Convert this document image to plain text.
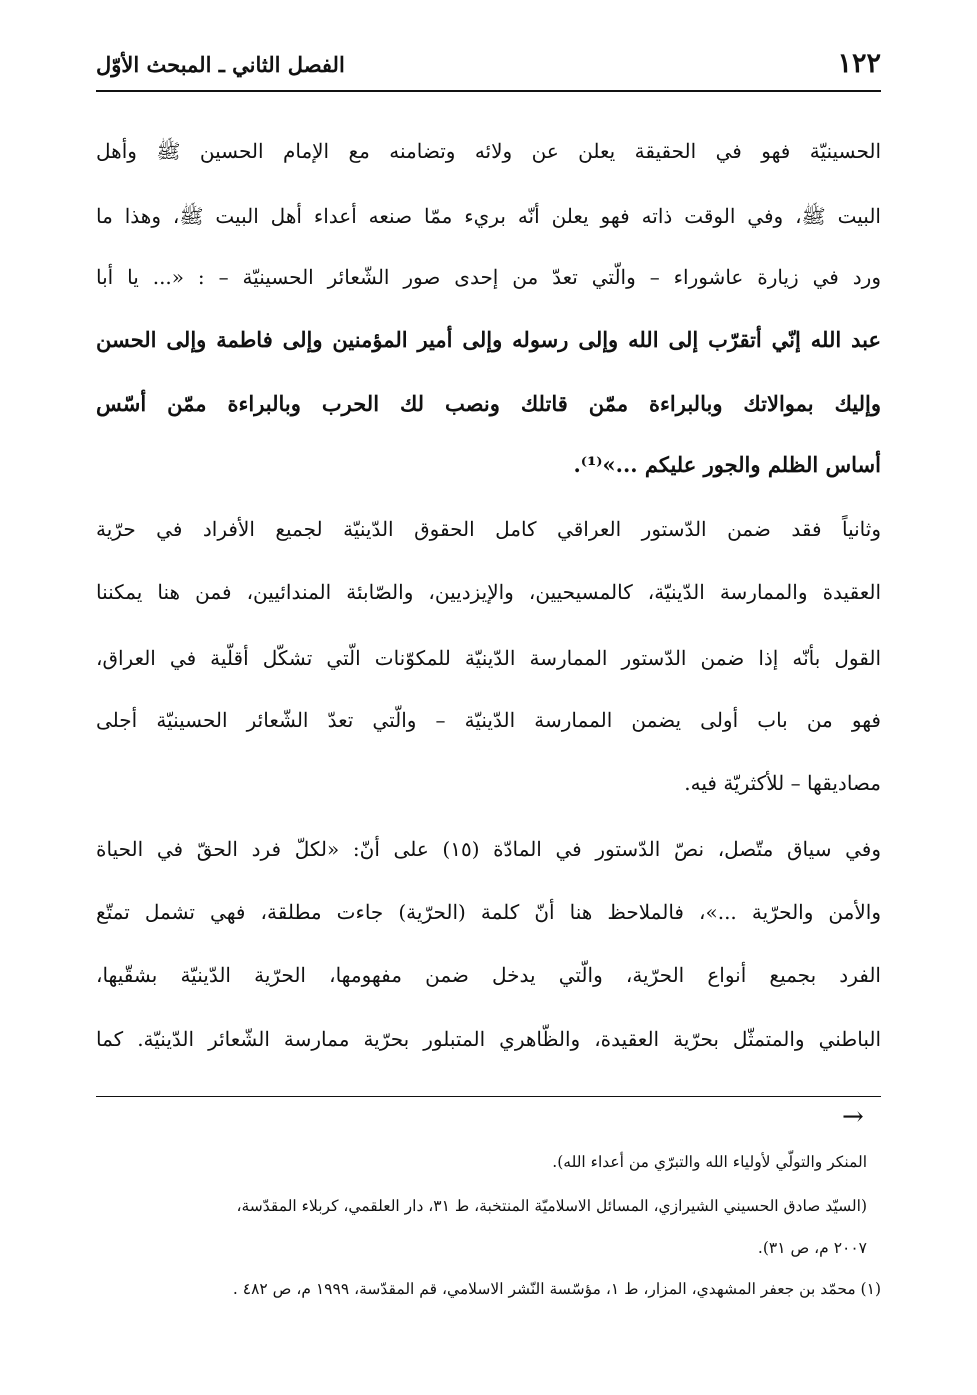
١٢٢
الفصل الثاني ـ المبحث الأوّل
الحسينيّة فهو في الحقيقة يعلن عن ولائه وتضامنه مع الإمام الحسين ﷺ وأهل
البيت ﷺ، وفي الوقت ذاته فهو يعلن أنّه بريء ممّا صنعه أعداء أهل البيت ﷺ، وهذا ما
ورد في زيارة عاشوراء – والّتي تعدّ من إحدى صور الشّعائر الحسينيّة – : «... يا أبا
عبد الله إنّي أتقرّب إلى الله وإلى رسوله وإلى أمير المؤمنين وإلى فاطمة وإلى الحسن
وإليك بموالاتك وبالبراءة ممّن قاتلك ونصب لك الحرب وبالبراءة ممّن أسّس
أساس الظلم والجور عليكم ...»⁽¹⁾.
وثانياً فقد ضمن الدّستور العراقي كامل الحقوق الدّينيّة لجميع الأفراد في حرّية
العقيدة والممارسة الدّينيّة، كالمسيحيين، والإيزديين، والصّابئة المندائيين، فمن هنا يمكننا
القول بأنّه إذا ضمن الدّستور الممارسة الدّينيّة للمكوّنات الّتي تشكّل أقلّية في العراق،
فهو من باب أولى يضمن الممارسة الدّينيّة – والّتي تعدّ الشّعائر الحسينيّة أجلى
مصاديقها – للأكثريّة فيه.
وفي سياق متّصل، نصّ الدّستور في المادّة (١٥) على أنّ: «لكلّ فرد الحقّ في الحياة
والأمن والحرّية ...»، فالملاحظ هنا أنّ كلمة (الحرّية) جاءت مطلقة، فهي تشمل تمتّع
الفرد بجميع أنواع الحرّية، والّتي يدخل ضمن مفهومها، الحرّية الدّينيّة بشقّيها،
الباطني والمتمثّل بحرّية العقيدة، والظّاهري المتبلور بحرّية ممارسة الشّعائر الدّينيّة. كما
→
المنكر والتولّي لأولياء الله والتبرّي من أعداء الله).
(السيّد صادق الحسيني الشيرازي، المسائل الاسلاميّة المنتخبة، ط ٣١، دار العلقمي، كربلاء المقدّسة،
٢٠٠٧ م، ص ٣١).
(١) محمّد بن جعفر المشهدي، المزار، ط ١، مؤسّسة النّشر الاسلامي، قم المقدّسة، ١٩٩٩ م، ص ٤٨٢ .
